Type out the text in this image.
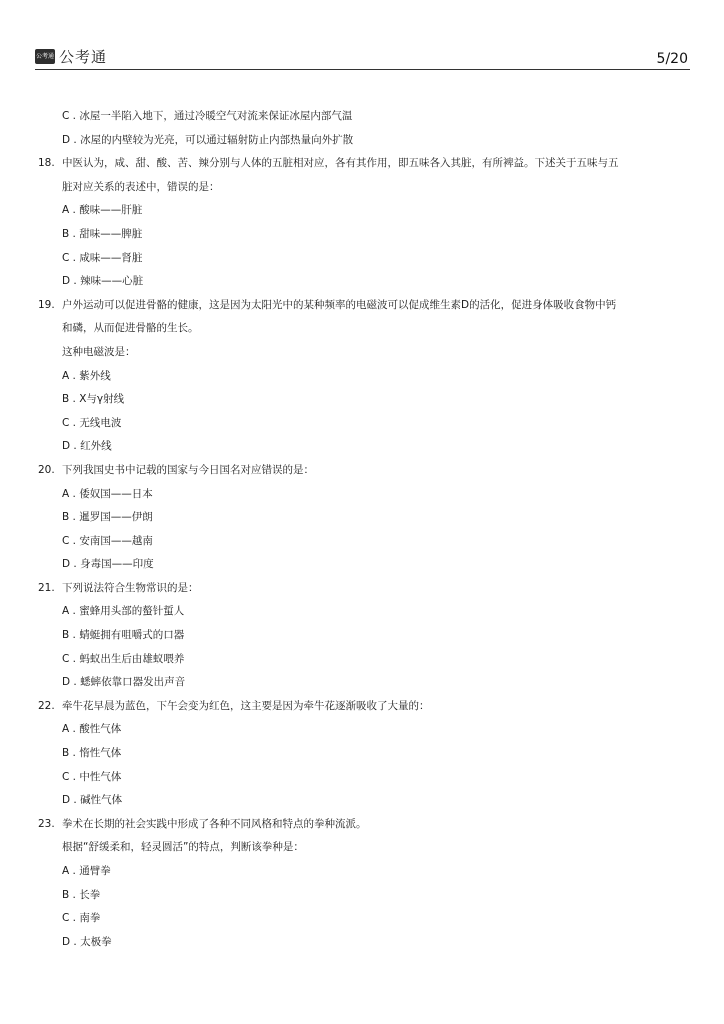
公考通 公考通	5/20
C . 冰屋一半陷入地下，通过冷暖空气对流来保证冰屋内部气温
D . 冰屋的内壁较为光亮，可以通过辐射防止内部热量向外扩散
18. 中医认为，咸、甜、酸、苦、辣分别与人体的五脏相对应，各有其作用，即五味各入其脏，有所裨益。下述关于五味与五
脏对应关系的表述中，错误的是：
A . 酸味——肝脏
B . 甜味——脾脏
C . 咸味——肾脏
D . 辣味——心脏
19. 户外运动可以促进骨骼的健康，这是因为太阳光中的某种频率的电磁波可以促成维生素D的活化，促进身体吸收食物中钙
和磷，从而促进骨骼的生长。
这种电磁波是：
A . 紫外线
B . X与γ射线
C . 无线电波
D . 红外线
20. 下列我国史书中记载的国家与今日国名对应错误的是：
A . 倭奴国——日本
B . 暹罗国——伊朗
C . 安南国——越南
D . 身毒国——印度
21. 下列说法符合生物常识的是：
A . 蜜蜂用头部的螯针蜇人
B . 蜻蜓拥有咀嚼式的口器
C . 蚂蚁出生后由雄蚁喂养
D . 蟋蟀依靠口器发出声音
22. 牵牛花早晨为蓝色，下午会变为红色，这主要是因为牵牛花逐渐吸收了大量的：
A . 酸性气体
B . 惰性气体
C . 中性气体
D . 碱性气体
23. 拳术在长期的社会实践中形成了各种不同风格和特点的拳种流派。
根据“舒缓柔和，轻灵圆活”的特点，判断该拳种是：
A . 通臂拳
B . 长拳
C . 南拳
D . 太极拳
